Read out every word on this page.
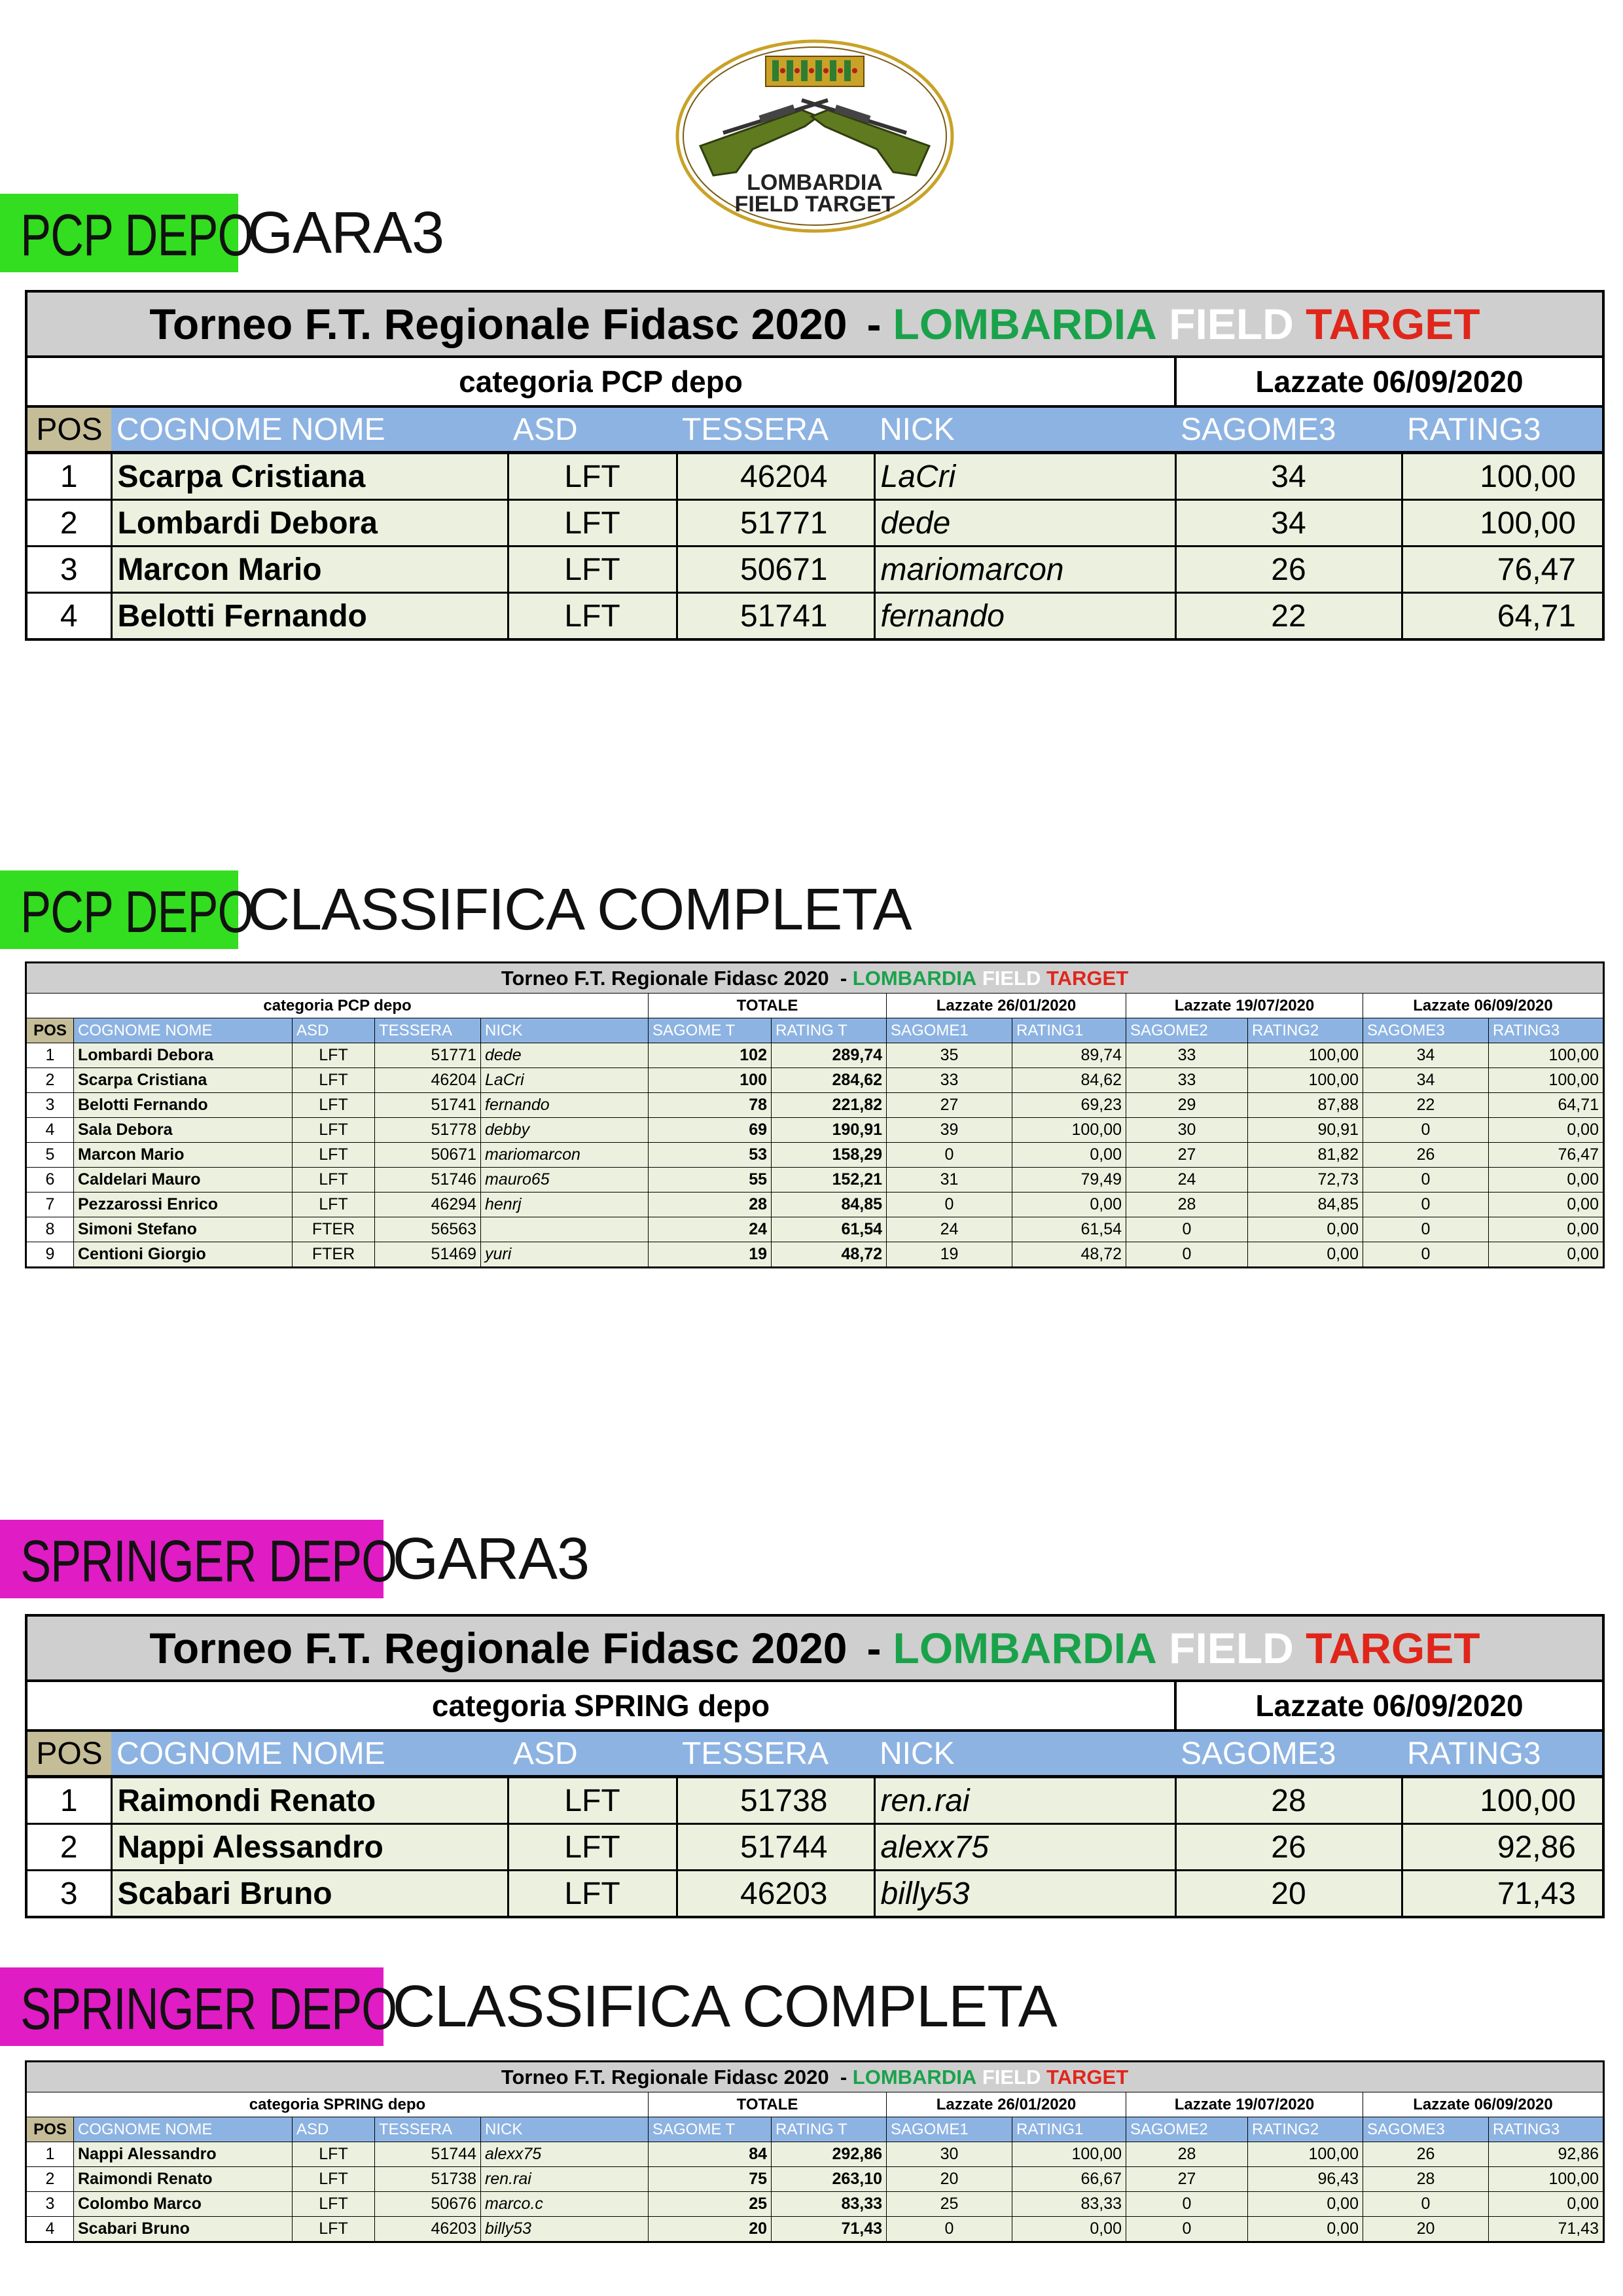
LOMBARDIA
FIELD TARGET
PCP DEPO
GARA3
Torneo F.T. Regionale Fidasc 2020 - LOMBARDIA
FIELD
TARGET
categoria PCP depo	Lazzate 06/09/2020
POS	COGNOME NOME	ASD	TESSERA	NICK	SAGOME3	RATING3
1	Scarpa Cristiana	LFT	46204	LaCri	34	100,00
2	Lombardi Debora	LFT	51771	dede	34	100,00
3	Marcon Mario	LFT	50671	mariomarcon	26	76,47
4	Belotti Fernando	LFT	51741	fernando	22	64,71
PCP DEPO
CLASSIFICA COMPLETA
Torneo F.T. Regionale Fidasc 2020 - LOMBARDIA FIELD TARGET												
categoria PCP depo					TOTALE		Lazzate 26/01/2020		Lazzate 19/07/2020		Lazzate 06/09/2020	
POS	COGNOME NOME	ASD	TESSERA	NICK	SAGOME T	RATING T	SAGOME1	RATING1	SAGOME2	RATING2	SAGOME3	RATING3
1	Lombardi Debora	LFT	51771	dede	102	289,74	35	89,74	33	100,00	34	100,00
2	Scarpa Cristiana	LFT	46204	LaCri	100	284,62	33	84,62	33	100,00	34	100,00
3	Belotti Fernando	LFT	51741	fernando	78	221,82	27	69,23	29	87,88	22	64,71
4	Sala Debora	LFT	51778	debby	69	190,91	39	100,00	30	90,91	0	0,00
5	Marcon Mario	LFT	50671	mariomarcon	53	158,29	0	0,00	27	81,82	26	76,47
6	Caldelari Mauro	LFT	51746	mauro65	55	152,21	31	79,49	24	72,73	0	0,00
7	Pezzarossi Enrico	LFT	46294	henrj	28	84,85	0	0,00	28	84,85	0	0,00
8	Simoni Stefano	FTER	56563		24	61,54	24	61,54	0	0,00	0	0,00
9	Centioni Giorgio	FTER	51469	yuri	19	48,72	19	48,72	0	0,00	0	0,00
SPRINGER DEPO
GARA3
Torneo F.T. Regionale Fidasc 2020 - LOMBARDIA
FIELD
TARGET
categoria SPRING depo	Lazzate 06/09/2020
POS	COGNOME NOME	ASD	TESSERA	NICK	SAGOME3	RATING3
1	Raimondi Renato	LFT	51738	ren.rai	28	100,00
2	Nappi Alessandro	LFT	51744	alexx75	26	92,86
3	Scabari Bruno	LFT	46203	billy53	20	71,43
SPRINGER DEPO
CLASSIFICA COMPLETA
Torneo F.T. Regionale Fidasc 2020 - LOMBARDIA FIELD TARGET												
categoria SPRING depo					TOTALE		Lazzate 26/01/2020		Lazzate 19/07/2020		Lazzate 06/09/2020	
POS	COGNOME NOME	ASD	TESSERA	NICK	SAGOME T	RATING T	SAGOME1	RATING1	SAGOME2	RATING2	SAGOME3	RATING3
1	Nappi Alessandro	LFT	51744	alexx75	84	292,86	30	100,00	28	100,00	26	92,86
2	Raimondi Renato	LFT	51738	ren.rai	75	263,10	20	66,67	27	96,43	28	100,00
3	Colombo Marco	LFT	50676	marco.c	25	83,33	25	83,33	0	0,00	0	0,00
4	Scabari Bruno	LFT	46203	billy53	20	71,43	0	0,00	0	0,00	20	71,43
